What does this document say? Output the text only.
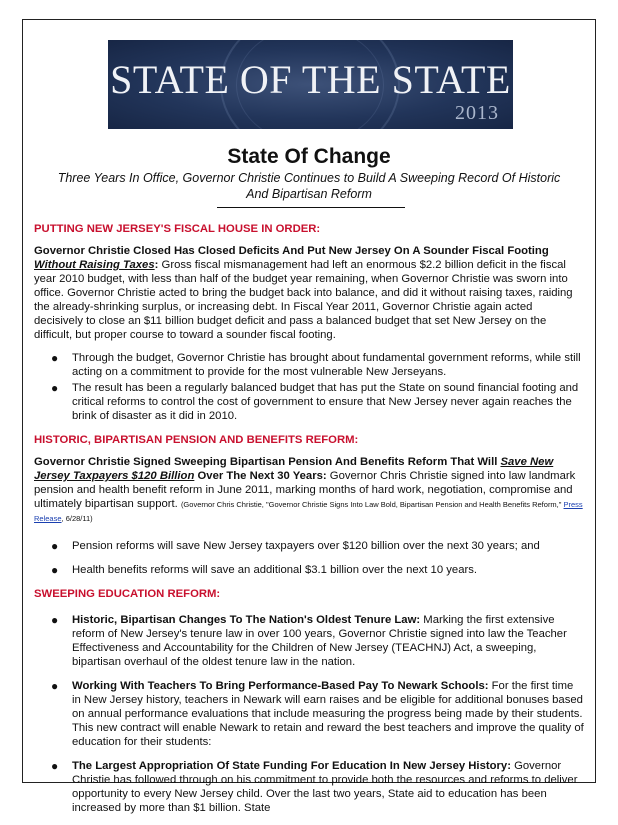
STATE OF THE STATE
2013
State Of Change
Three Years In Office, Governor Christie Continues to Build A Sweeping Record Of Historic And Bipartisan Reform
PUTTING NEW JERSEY'S FISCAL HOUSE IN ORDER:

Governor Christie Closed Has Closed Deficits And Put New Jersey On A Sounder Fiscal Footing Without Raising Taxes: Gross fiscal mismanagement had left an enormous $2.2 billion deficit in the fiscal year 2010 budget, with less than half of the budget year remaining, when Governor Christie was sworn into office. Governor Christie acted to bring the budget back into balance, and did it without raising taxes, raiding the already-shrinking surplus, or increasing debt. In Fiscal Year 2011, Governor Christie again acted decisively to close an $11 billion budget deficit and pass a balanced budget that set New Jersey on the difficult, but proper course to toward a sounder fiscal footing.

● Through the budget, Governor Christie has brought about fundamental government reforms, while still acting on a commitment to provide for the most vulnerable New Jerseyans.
● The result has been a regularly balanced budget that has put the State on sound financial footing and critical reforms to control the cost of government to ensure that New Jersey never again reaches the brink of disaster as it did in 2010.
HISTORIC, BIPARTISAN PENSION AND BENEFITS REFORM:

Governor Christie Signed Sweeping Bipartisan Pension And Benefits Reform That Will Save New Jersey Taxpayers $120 Billion Over The Next 30 Years: Governor Chris Christie signed into law landmark pension and health benefit reform in June 2011, marking months of hard work, negotiation, compromise and ultimately bipartisan support. (Governor Chris Christie, "Governor Christie Signs Into Law Bold, Bipartisan Pension and Health Benefits Reform," Press Release, 6/28/11)

● Pension reforms will save New Jersey taxpayers over $120 billion over the next 30 years; and
● Health benefits reforms will save an additional $3.1 billion over the next 10 years.
SWEEPING EDUCATION REFORM:
● Historic, Bipartisan Changes To The Nation's Oldest Tenure Law: Marking the first extensive reform of New Jersey's tenure law in over 100 years, Governor Christie signed into law the Teacher Effectiveness and Accountability for the Children of New Jersey (TEACHNJ) Act, a sweeping, bipartisan overhaul of the oldest tenure law in the nation.
● Working With Teachers To Bring Performance-Based Pay To Newark Schools: For the first time in New Jersey history, teachers in Newark will earn raises and be eligible for additional bonuses based on annual performance evaluations that include measuring the progress being made by their students. This new contract will enable Newark to retain and reward the best teachers and improve the quality of education for their students:
● The Largest Appropriation Of State Funding For Education In New Jersey History: Governor Christie has followed through on his commitment to provide both the resources and reforms to deliver opportunity to every New Jersey child. Over the last two years, State aid to education has been increased by more than $1 billion. State
